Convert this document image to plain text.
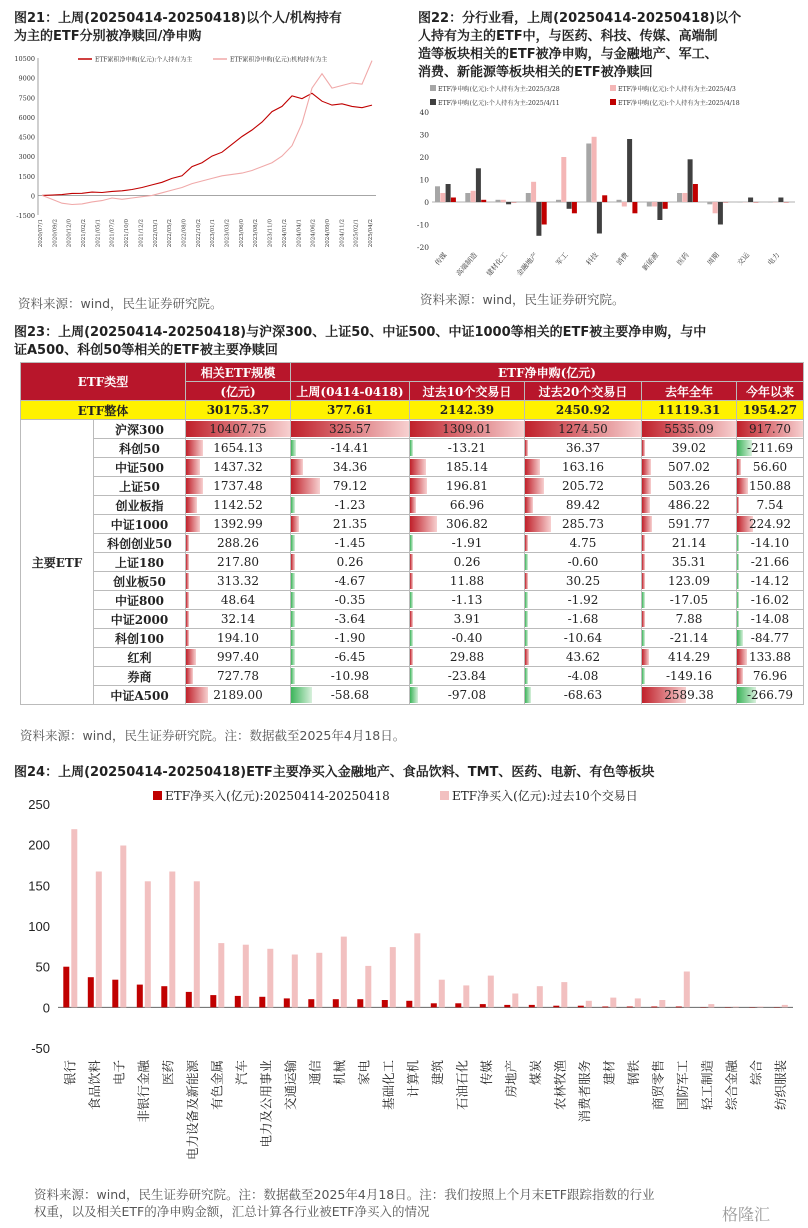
图21：上周(20250414-20250418)以个人/机构持有
为主的ETF分别被净赎回/净申购
10500
9000
7500
6000
4500
3000
1500
0
-1500
2020/07/1 2020/09/2 2020/12/0 2021/02/2 2021/05/1 2021/07/2 2021/10/0 2021/12/2 2022/03/1 2022/05/2 2022/08/0 2022/10/2 2023/01/1 2023/03/2 2023/06/0 2023/08/2 2023/11/0 2024/01/2 2024/04/1 2024/06/2 2024/09/0 2024/11/2 2025/02/1 2025/04/2
ETF累积净申购(亿元):个人持有为主	ETF累积净申购(亿元):机构持有为主
资料来源：wind，民生证券研究院。
图22：分行业看，上周(20250414-20250418)以个
人持有为主的ETF中，与医药、科技、传媒、高端制
造等板块相关的ETF被净申购，与金融地产、军工、
消费、新能源等板块相关的ETF被净赎回
40
30
20
10
0
-10
-20
传媒 高端制造 建材化工 金融地产 军工 科技 消费 新能源 医药 周期 交运 电力
ETF净申购(亿元):个人持有为主:2025/3/28	ETF净申购(亿元):个人持有为主:2025/4/3
ETF净申购(亿元):个人持有为主:2025/4/11	ETF净申购(亿元):个人持有为主:2025/4/18
资料来源：wind，民生证券研究院。
图23：上周(20250414-20250418)与沪深300、上证50、中证500、中证1000等相关的ETF被主要净申购，与中
证A500、科创50等相关的ETF被主要净赎回
ETF类型		相关ETF规模	ETF净申购(亿元)				
		(亿元)	上周(0414-0418)	过去10个交易日	过去20个交易日	去年全年	今年以来
ETF整体		30175.37	377.61	2142.39	2450.92	11119.31	1954.27
主要ETF	沪深300	10407.75	325.57	1309.01	1274.50	5535.09	917.70
	科创50	1654.13	-14.41	-13.21	36.37	39.02	-211.69
	中证500	1437.32	34.36	185.14	163.16	507.02	56.60
	上证50	1737.48	79.12	196.81	205.72	503.26	150.88
	创业板指	1142.52	-1.23	66.96	89.42	486.22	7.54
	中证1000	1392.99	21.35	306.82	285.73	591.77	224.92
	科创创业50	288.26	-1.45	-1.91	4.75	21.14	-14.10
	上证180	217.80	0.26	0.26	-0.60	35.31	-21.66
	创业板50	313.32	-4.67	11.88	30.25	123.09	-14.12
	中证800	48.64	-0.35	-1.13	-1.92	-17.05	-16.02
	中证2000	32.14	-3.64	3.91	-1.68	7.88	-14.08
	科创100	194.10	-1.90	-0.40	-10.64	-21.14	-84.77
	红利	997.40	-6.45	29.88	43.62	414.29	133.88
	券商	727.78	-10.98	-23.84	-4.08	-149.16	76.96
	中证A500	2189.00	-58.68	-97.08	-68.63	2589.38	-266.79
资料来源：wind，民生证券研究院。注：数据截至2025年4月18日。
图24：上周(20250414-20250418)ETF主要净买入金融地产、食品饮料、TMT、医药、电新、有色等板块
250
200
150
100
50
0
-50
银行 食品饮料 电子 非银行金融 医药 电力设备及新能源 有色金属 汽车 电力及公用事业 交通运输 通信 机械 家电 基础化工 计算机 建筑 石油石化 传媒 房地产 煤炭 农林牧渔 消费者服务 建材 钢铁 商贸零售 国防军工 轻工制造 综合金融 综合 纺织服装
ETF净买入(亿元):20250414-20250418	ETF净买入(亿元):过去10个交易日
资料来源：wind，民生证券研究院。注：数据截至2025年4月18日。注：我们按照上个月末ETF跟踪指数的行业
权重，以及相关ETF的净申购金额，汇总计算各行业被ETF净买入的情况	格隆汇
